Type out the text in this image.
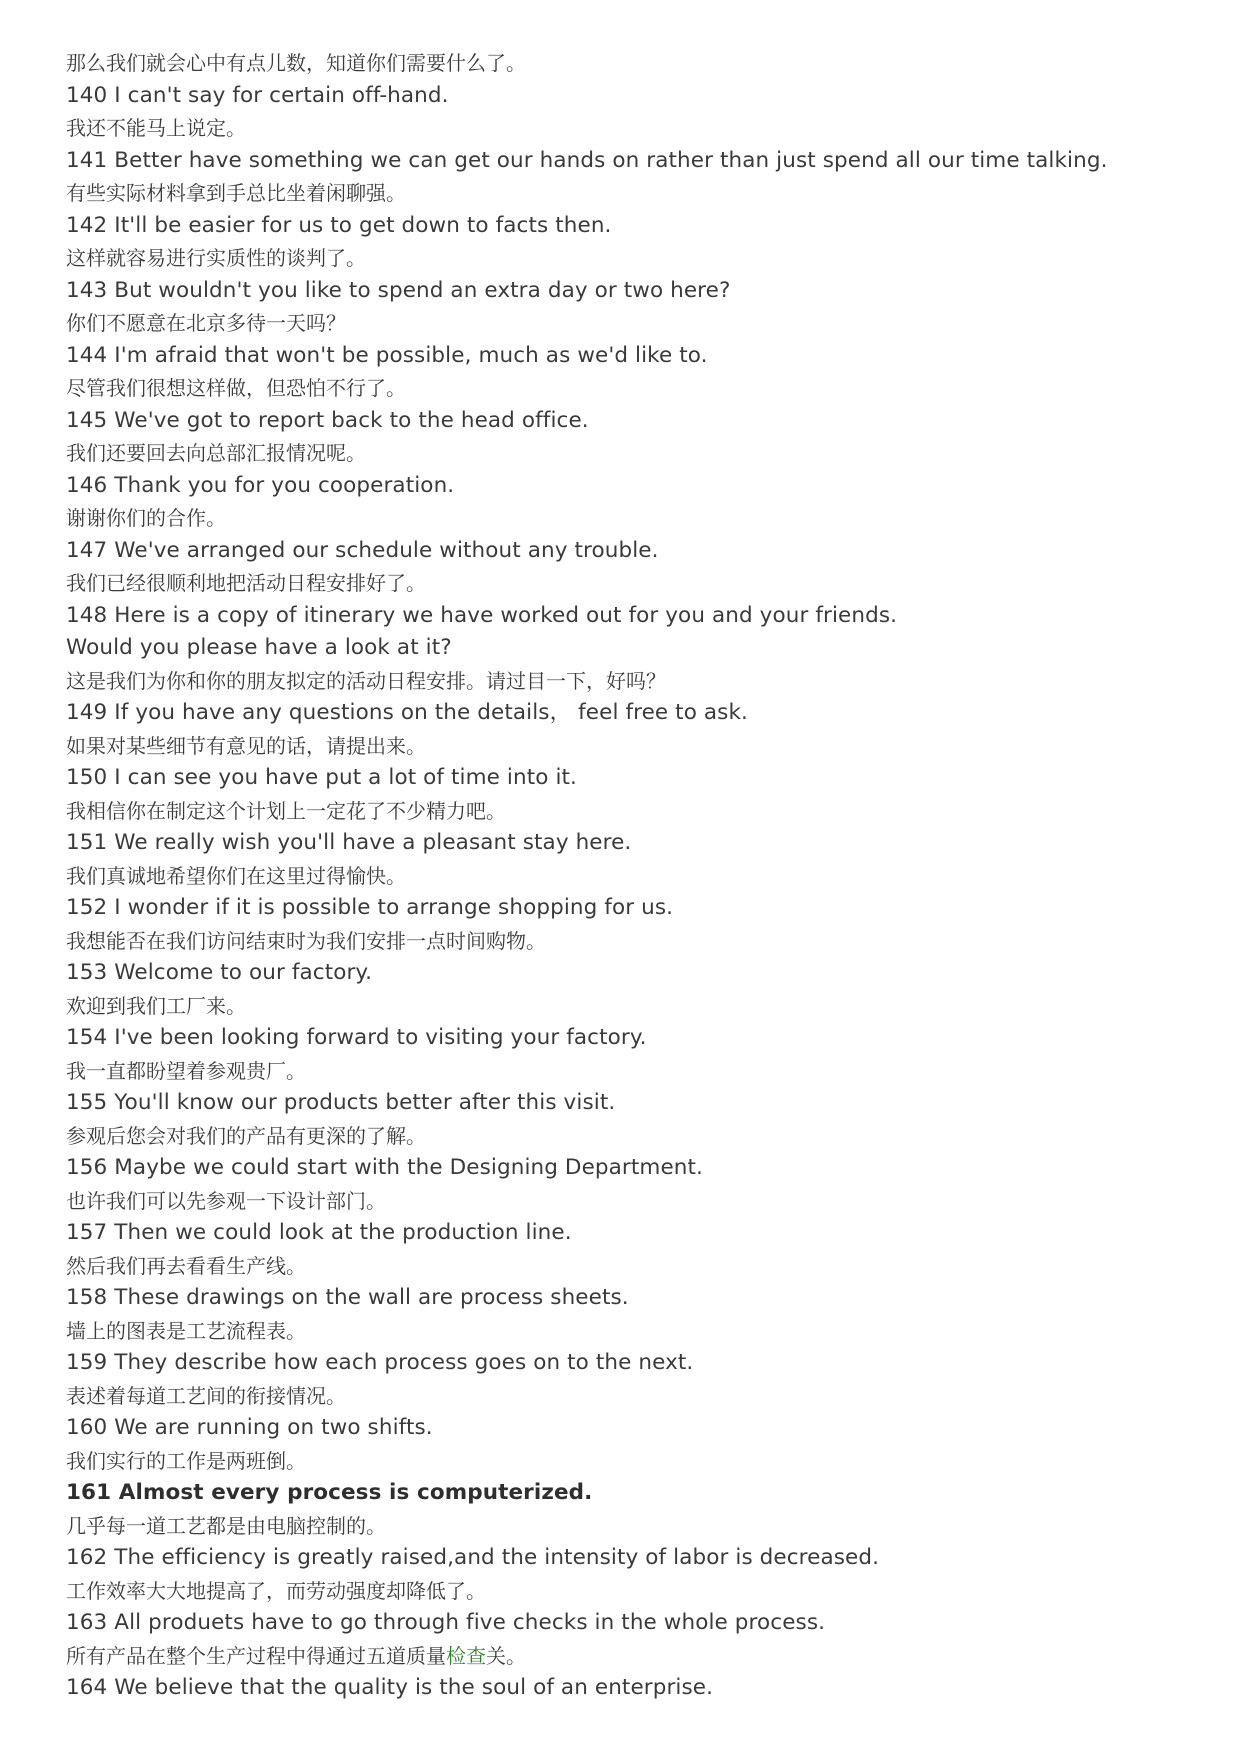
那么我们就会心中有点儿数，知道你们需要什么了。
140 I can't say for certain off-hand.
我还不能马上说定。
141 Better have something we can get our hands on rather than just spend all our time talking.
有些实际材料拿到手总比坐着闲聊强。
142 It'll be easier for us to get down to facts then.
这样就容易进行实质性的谈判了。
143 But wouldn't you like to spend an extra day or two here?
你们不愿意在北京多待一天吗？
144 I'm afraid that won't be possible, much as we'd like to.
尽管我们很想这样做，但恐怕不行了。
145 We've got to report back to the head office.
我们还要回去向总部汇报情况呢。
146 Thank you for you cooperation.
谢谢你们的合作。
147 We've arranged our schedule without any trouble.
我们已经很顺利地把活动日程安排好了。
148 Here is a copy of itinerary we have worked out for you and your friends.
Would you please have a look at it?
这是我们为你和你的朋友拟定的活动日程安排。请过目一下，好吗？
149 If you have any questions on the details， feel free to ask.
如果对某些细节有意见的话，请提出来。
150 I can see you have put a lot of time into it.
我相信你在制定这个计划上一定花了不少精力吧。
151 We really wish you'll have a pleasant stay here.
我们真诚地希望你们在这里过得愉快。
152 I wonder if it is possible to arrange shopping for us.
我想能否在我们访问结束时为我们安排一点时间购物。
153 Welcome to our factory.
欢迎到我们工厂来。
154 I've been looking forward to visiting your factory.
我一直都盼望着参观贵厂。
155 You'll know our products better after this visit.
参观后您会对我们的产品有更深的了解。
156 Maybe we could start with the Designing Department.
也许我们可以先参观一下设计部门。
157 Then we could look at the production line.
然后我们再去看看生产线。
158 These drawings on the wall are process sheets.
墙上的图表是工艺流程表。
159 They describe how each process goes on to the next.
表述着每道工艺间的衔接情况。
160 We are running on two shifts.
我们实行的工作是两班倒。
161 Almost every process is computerized.
几乎每一道工艺都是由电脑控制的。
162 The efficiency is greatly raised,and the intensity of labor is decreased.
工作效率大大地提高了，而劳动强度却降低了。
163 All produets have to go through five checks in the whole process.
所有产品在整个生产过程中得通过五道质量检查关。
164 We believe that the quality is the soul of an enterprise.
